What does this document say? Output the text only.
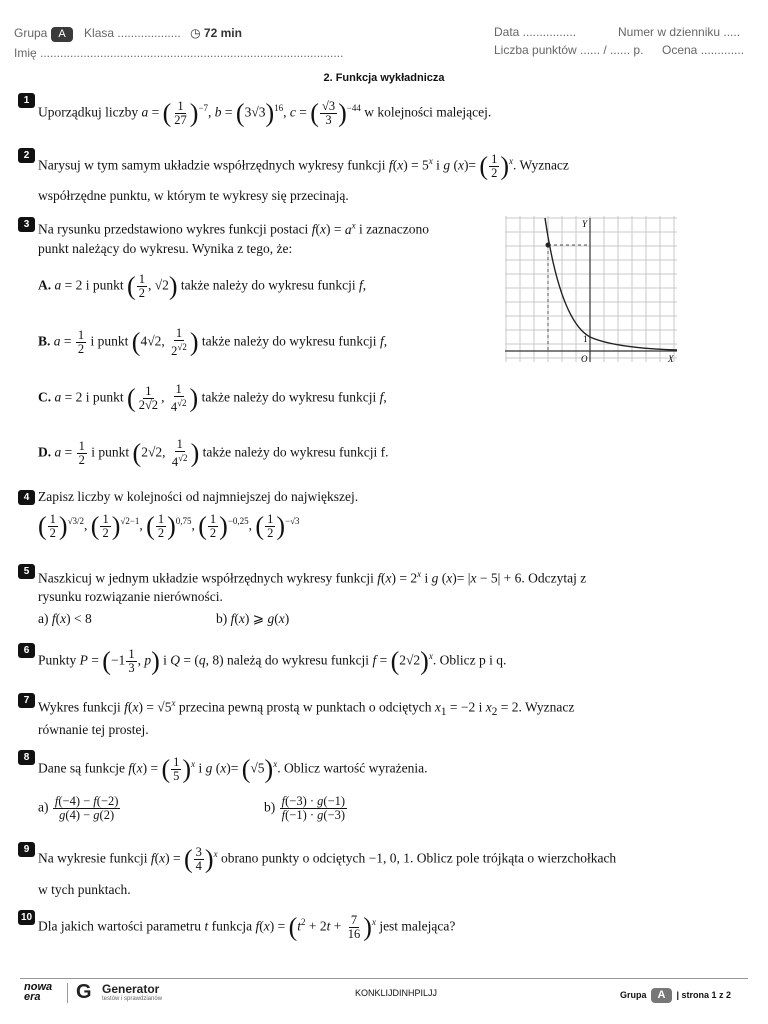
Grupa A Klasa ................... ◷ 72 min
Imię ...........................................................................................
Data ................	Numer w dzienniku .....
Liczba punktów ...... / ...... p. Ocena .............
2. Funkcja wykładnicza
1
Uporządkuj liczby a = ( $\frac{1}{27} )^{-7}$, $b = (3√3)^{16}$, c = ( $\frac{√3}{3} )^{-44}$ w kolejności malejącej.
2
Narysuj w tym samym układzie współrzędnych wykresy funkcji $f(x) = 5^x$ i g (x)= ( $\frac{1}{2} )^x$. Wyznacz
współrzędne punktu, w którym te wykresy się przecinają.
3 Na rysunku przedstawiono wykres funkcji postaci $f(x) = a^x$ i zaznaczono
punkt należący do wykresu. Wynika z tego, że:
A. a = 2 i punkt ( $\frac{1}{2}$ , √2) także należy do wykresu funkcji f,
B. $a = \frac{1}{2}$ i punkt (4√2, $\frac{1}{2^{√2}}$ ) także należy do wykresu funkcji f,
C. a = 2 i punkt ( $\frac{1}{2√2}$ , $\frac{1}{4^{√2}}$ ) także należy do wykresu funkcji f,
D. $a = \frac{1}{2}$ i punkt (2√2, $\frac{1}{4^{√2}}$ ) także należy do wykresu funkcji f.
Y
X
O
1
4 Zapisz liczby w kolejności od najmniejszej do największej.
( $\frac{1}{2} )^{√3/2}$, ( $\frac{1}{2} )^{√2-1}$, ( $\frac{1}{2} )^{0,75}$, ( $\frac{1}{2} )^{-0,25}$, ( $\frac{1}{2} )^{-√3}$
5 Naszkicuj w jednym układzie współrzędnych wykresy funkcji $f(x) = 2^x$ i g (x)= |x − 5| + 6. Odczytaj z
rysunku rozwiązanie nierówności.
a) f(x) < 8	b) f(x) ⩾ g(x)
6
Punkty $P = (-1 \frac{1}{3}$ , p) i Q = (q, 8) należą do wykresu funkcji $f = (2√2)^x$. Oblicz p i q.
7 Wykres funkcji $f(x) = √5^x$ przecina pewną prostą w punktach o odciętych $x_1 = -2$ i $x_2 = 2$. Wyznacz
równanie tej prostej.
8
Dane są funkcje f(x) = ( $\frac{1}{5} )^x$ i g $(x)= (√5)^x$. Oblicz wartość wyrażenia.
$a) \frac{f(-4) - f(-2)}{g(4) - g(2)}$	$b) \frac{f(-3) \cdot g(-1)}{f(-1) \cdot g(-3)}$
9
Na wykresie funkcji f(x) = ( $\frac{3}{4} )^x$ obrano punkty o odciętych −1, 0, 1. Oblicz pole trójkąta o wierzchołkach
w tych punktach.
10
Dla jakich wartości parametru t funkcja $f(x) = (t^2 + 2t + \frac{7}{16} )^x$ jest malejąca?
nowa era	G Generator
testów i sprawdzianów
KONKLIJDINHPILJJ	Grupa A | strona 1 z 2
